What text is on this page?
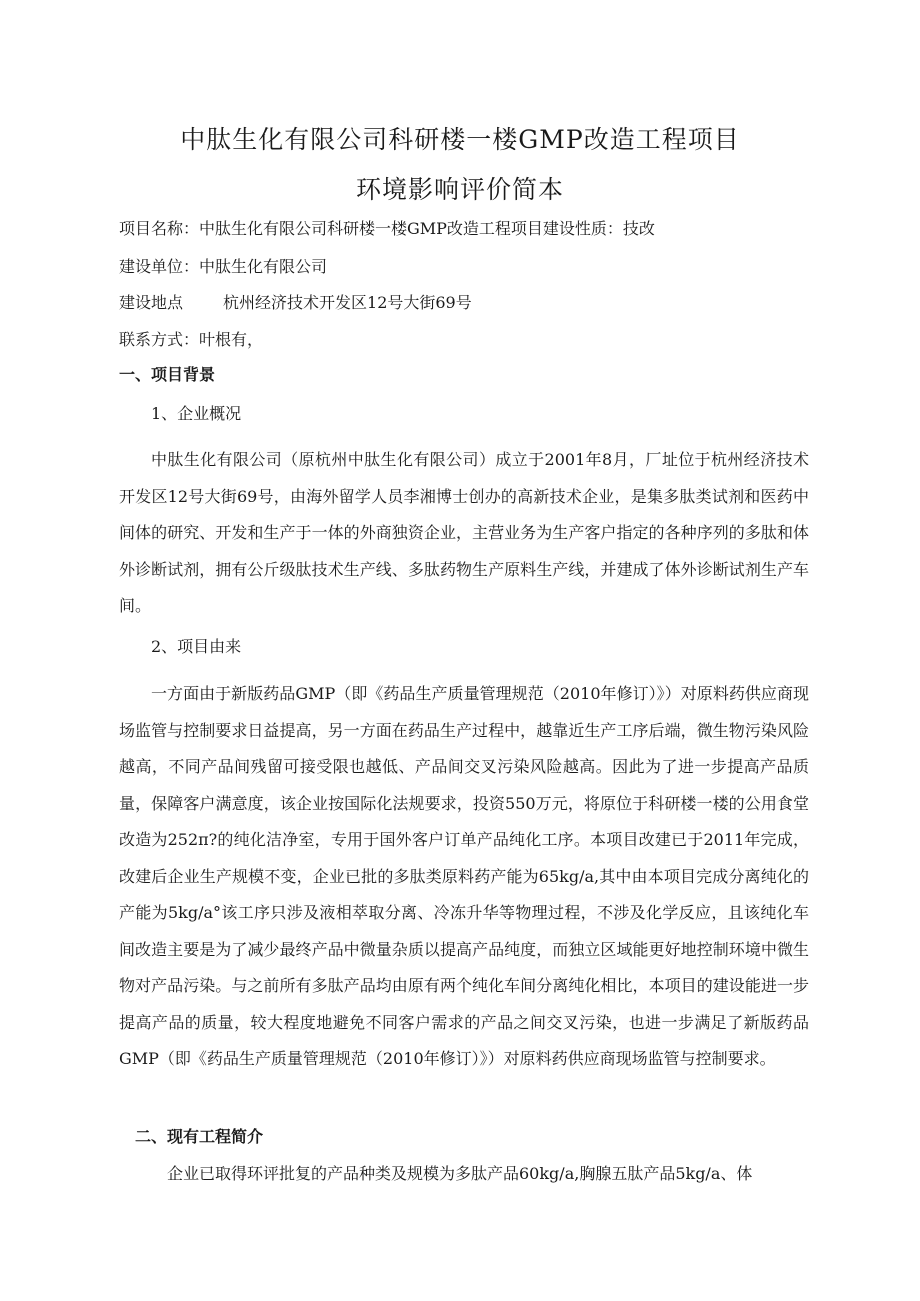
中肽生化有限公司科研楼一楼GMP改造工程项目
环境影响评价简本
项目名称：中肽生化有限公司科研楼一楼GMP改造工程项目建设性质：技改
建设单位：中肽生化有限公司
建设地点	杭州经济技术开发区12号大街69号
联系方式：叶根有，
一、项目背景
1、企业概况

中肽生化有限公司（原杭州中肽生化有限公司）成立于2001年8月，厂址位于杭州经济技术开发区12号大街69号，由海外留学人员李湘博士创办的高新技术企业，是集多肽类试剂和医药中间体的研究、开发和生产于一体的外商独资企业，主营业务为生产客户指定的各种序列的多肽和体外诊断试剂，拥有公斤级肽技术生产线、多肽药物生产原料生产线，并建成了体外诊断试剂生产车间。

2、项目由来

一方面由于新版药品GMP（即《药品生产质量管理规范（2010年修订）》）对原料药供应商现场监管与控制要求日益提高，另一方面在药品生产过程中，越靠近生产工序后端，微生物污染风险越高，不同产品间残留可接受限也越低、产品间交叉污染风险越高。因此为了进一步提高产品质量，保障客户满意度，该企业按国际化法规要求，投资550万元，将原位于科研楼一楼的公用食堂改造为252π?的纯化洁净室，专用于国外客户订单产品纯化工序。本项目改建已于2011年完成，改建后企业生产规模不变，企业已批的多肽类原料药产能为65kg∕a,其中由本项目完成分离纯化的产能为5kg∕a°该工序只涉及液相萃取分离、冷冻升华等物理过程，不涉及化学反应，且该纯化车间改造主要是为了减少最终产品中微量杂质以提高产品纯度，而独立区域能更好地控制环境中微生物对产品污染。与之前所有多肽产品均由原有两个纯化车间分离纯化相比，本项目的建设能进一步提高产品的质量，较大程度地避免不同客户需求的产品之间交叉污染，也进一步满足了新版药品GMP（即《药品生产质量管理规范（2010年修订）》）对原料药供应商现场监管与控制要求。

二、现有工程简介

企业已取得环评批复的产品种类及规模为多肽产品60kg∕a,胸腺五肽产品5kg/a、体
